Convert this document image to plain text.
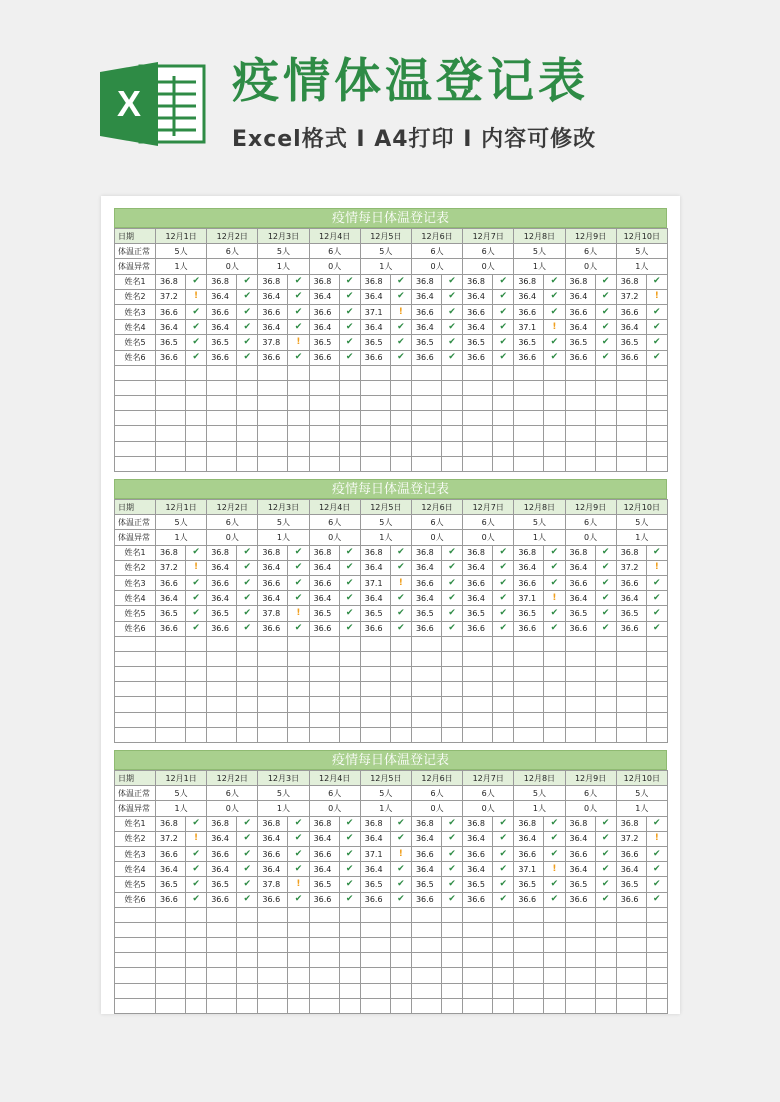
X 疫情体温登记表
Excel格式 I A4打印 I 内容可修改
疫情每日体温登记表
日期	12月1日		12月2日		12月3日		12月4日		12月5日		12月6日		12月7日		12月8日		12月9日		12月10日	
体温正常	5人		6人		5人		6人		5人		6人		6人		5人		6人		5人	
体温异常	1人		0人		1人		0人		1人		0人		0人		1人		0人		1人	
姓名1	36.8	✔	36.8	✔	36.8	✔	36.8	✔	36.8	✔	36.8	✔	36.8	✔	36.8	✔	36.8	✔	36.8	✔
姓名2	37.2	!	36.4	✔	36.4	✔	36.4	✔	36.4	✔	36.4	✔	36.4	✔	36.4	✔	36.4	✔	37.2	!
姓名3	36.6	✔	36.6	✔	36.6	✔	36.6	✔	37.1	!	36.6	✔	36.6	✔	36.6	✔	36.6	✔	36.6	✔
姓名4	36.4	✔	36.4	✔	36.4	✔	36.4	✔	36.4	✔	36.4	✔	36.4	✔	37.1	!	36.4	✔	36.4	✔
姓名5	36.5	✔	36.5	✔	37.8	!	36.5	✔	36.5	✔	36.5	✔	36.5	✔	36.5	✔	36.5	✔	36.5	✔
姓名6	36.6	✔	36.6	✔	36.6	✔	36.6	✔	36.6	✔	36.6	✔	36.6	✔	36.6	✔	36.6	✔	36.6	✔

疫情每日体温登记表
日期	12月1日		12月2日		12月3日		12月4日		12月5日		12月6日		12月7日		12月8日		12月9日		12月10日	
体温正常	5人		6人		5人		6人		5人		6人		6人		5人		6人		5人	
体温异常	1人		0人		1人		0人		1人		0人		0人		1人		0人		1人	
姓名1	36.8	✔	36.8	✔	36.8	✔	36.8	✔	36.8	✔	36.8	✔	36.8	✔	36.8	✔	36.8	✔	36.8	✔
姓名2	37.2	!	36.4	✔	36.4	✔	36.4	✔	36.4	✔	36.4	✔	36.4	✔	36.4	✔	36.4	✔	37.2	!
姓名3	36.6	✔	36.6	✔	36.6	✔	36.6	✔	37.1	!	36.6	✔	36.6	✔	36.6	✔	36.6	✔	36.6	✔
姓名4	36.4	✔	36.4	✔	36.4	✔	36.4	✔	36.4	✔	36.4	✔	36.4	✔	37.1	!	36.4	✔	36.4	✔
姓名5	36.5	✔	36.5	✔	37.8	!	36.5	✔	36.5	✔	36.5	✔	36.5	✔	36.5	✔	36.5	✔	36.5	✔
姓名6	36.6	✔	36.6	✔	36.6	✔	36.6	✔	36.6	✔	36.6	✔	36.6	✔	36.6	✔	36.6	✔	36.6	✔

疫情每日体温登记表
日期	12月1日		12月2日		12月3日		12月4日		12月5日		12月6日		12月7日		12月8日		12月9日		12月10日	
体温正常	5人		6人		5人		6人		5人		6人		6人		5人		6人		5人	
体温异常	1人		0人		1人		0人		1人		0人		0人		1人		0人		1人	
姓名1	36.8	✔	36.8	✔	36.8	✔	36.8	✔	36.8	✔	36.8	✔	36.8	✔	36.8	✔	36.8	✔	36.8	✔
姓名2	37.2	!	36.4	✔	36.4	✔	36.4	✔	36.4	✔	36.4	✔	36.4	✔	36.4	✔	36.4	✔	37.2	!
姓名3	36.6	✔	36.6	✔	36.6	✔	36.6	✔	37.1	!	36.6	✔	36.6	✔	36.6	✔	36.6	✔	36.6	✔
姓名4	36.4	✔	36.4	✔	36.4	✔	36.4	✔	36.4	✔	36.4	✔	36.4	✔	37.1	!	36.4	✔	36.4	✔
姓名5	36.5	✔	36.5	✔	37.8	!	36.5	✔	36.5	✔	36.5	✔	36.5	✔	36.5	✔	36.5	✔	36.5	✔
姓名6	36.6	✔	36.6	✔	36.6	✔	36.6	✔	36.6	✔	36.6	✔	36.6	✔	36.6	✔	36.6	✔	36.6	✔
